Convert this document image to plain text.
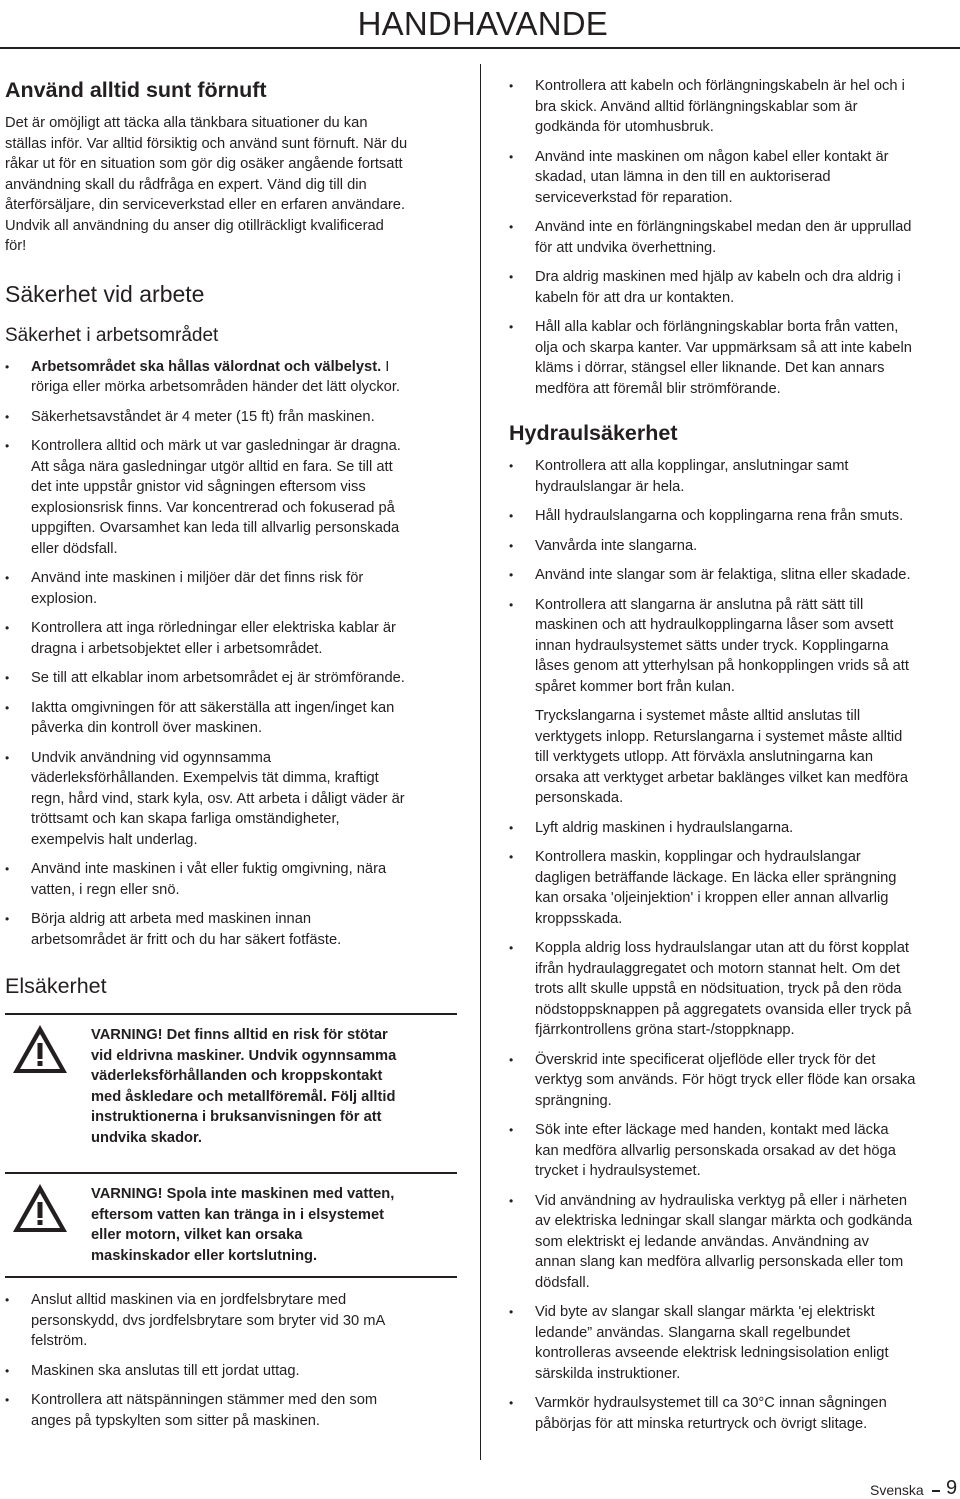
HANDHAVANDE
Använd alltid sunt förnuft
Det är omöjligt att täcka alla tänkbara situationer du kan
ställas inför. Var alltid försiktig och använd sunt förnuft. När du
råkar ut för en situation som gör dig osäker angående fortsatt
användning skall du rådfråga en expert. Vänd dig till din
återförsäljare, din serviceverkstad eller en erfaren användare.
Undvik all användning du anser dig otillräckligt kvalificerad
för!
Säkerhet vid arbete
Säkerhet i arbetsområdet
• Arbetsområdet ska hållas välordnat och välbelyst. I
röriga eller mörka arbetsområden händer det lätt olyckor.
• Säkerhetsavståndet är 4 meter (15 ft) från maskinen.
• Kontrollera alltid och märk ut var gasledningar är dragna.
Att såga nära gasledningar utgör alltid en fara. Se till att
det inte uppstår gnistor vid sågningen eftersom viss
explosionsrisk finns. Var koncentrerad och fokuserad på
uppgiften. Ovarsamhet kan leda till allvarlig personskada
eller dödsfall.
• Använd inte maskinen i miljöer där det finns risk för
explosion.
• Kontrollera att inga rörledningar eller elektriska kablar är
dragna i arbetsobjektet eller i arbetsområdet.
• Se till att elkablar inom arbetsområdet ej är strömförande.
• Iaktta omgivningen för att säkerställa att ingen/inget kan
påverka din kontroll över maskinen.
• Undvik användning vid ogynnsamma
väderleksförhållanden. Exempelvis tät dimma, kraftigt
regn, hård vind, stark kyla, osv. Att arbeta i dåligt väder är
tröttsamt och kan skapa farliga omständigheter,
exempelvis halt underlag.
• Använd inte maskinen i våt eller fuktig omgivning, nära
vatten, i regn eller snö.
• Börja aldrig att arbeta med maskinen innan
arbetsområdet är fritt och du har säkert fotfäste.
Elsäkerhet
VARNING! Det finns alltid en risk för stötar
vid eldrivna maskiner. Undvik ogynnsamma
väderleksförhållanden och kroppskontakt
med åskledare och metallföremål. Följ alltid
instruktionerna i bruksanvisningen för att
undvika skador.
VARNING! Spola inte maskinen med vatten,
eftersom vatten kan tränga in i elsystemet
eller motorn, vilket kan orsaka
maskinskador eller kortslutning.
• Anslut alltid maskinen via en jordfelsbrytare med
personskydd, dvs jordfelsbrytare som bryter vid 30 mA
felström.
• Maskinen ska anslutas till ett jordat uttag.
• Kontrollera att nätspänningen stämmer med den som
anges på typskylten som sitter på maskinen.
• Kontrollera att kabeln och förlängningskabeln är hel och i
bra skick. Använd alltid förlängningskablar som är
godkända för utomhusbruk.
• Använd inte maskinen om någon kabel eller kontakt är
skadad, utan lämna in den till en auktoriserad
serviceverkstad för reparation.
• Använd inte en förlängningskabel medan den är upprullad
för att undvika överhettning.
• Dra aldrig maskinen med hjälp av kabeln och dra aldrig i
kabeln för att dra ur kontakten.
• Håll alla kablar och förlängningskablar borta från vatten,
olja och skarpa kanter. Var uppmärksam så att inte kabeln
kläms i dörrar, stängsel eller liknande. Det kan annars
medföra att föremål blir strömförande.
Hydraulsäkerhet
• Kontrollera att alla kopplingar, anslutningar samt
hydraulslangar är hela.
• Håll hydraulslangarna och kopplingarna rena från smuts.
• Vanvårda inte slangarna.
• Använd inte slangar som är felaktiga, slitna eller skadade.
• Kontrollera att slangarna är anslutna på rätt sätt till
maskinen och att hydraulkopplingarna låser som avsett
innan hydraulsystemet sätts under tryck. Kopplingarna
låses genom att ytterhylsan på honkopplingen vrids så att
spåret kommer bort från kulan.
Tryckslangarna i systemet måste alltid anslutas till
verktygets inlopp. Returslangarna i systemet måste alltid
till verktygets utlopp. Att förväxla anslutningarna kan
orsaka att verktyget arbetar baklänges vilket kan medföra
personskada.
• Lyft aldrig maskinen i hydraulslangarna.
• Kontrollera maskin, kopplingar och hydraulslangar
dagligen beträffande läckage. En läcka eller sprängning
kan orsaka 'oljeinjektion' i kroppen eller annan allvarlig
kroppsskada.
• Koppla aldrig loss hydraulslangar utan att du först kopplat
ifrån hydraulaggregatet och motorn stannat helt. Om det
trots allt skulle uppstå en nödsituation, tryck på den röda
nödstoppsknappen på aggregatets ovansida eller tryck på
fjärrkontrollens gröna start-/stoppknapp.
• Överskrid inte specificerat oljeflöde eller tryck för det
verktyg som används. För högt tryck eller flöde kan orsaka
sprängning.
• Sök inte efter läckage med handen, kontakt med läcka
kan medföra allvarlig personskada orsakad av det höga
trycket i hydraulsystemet.
• Vid användning av hydrauliska verktyg på eller i närheten
av elektriska ledningar skall slangar märkta och godkända
som elektriskt ej ledande användas. Användning av
annan slang kan medföra allvarlig personskada eller tom
dödsfall.
• Vid byte av slangar skall slangar märkta 'ej elektriskt
ledande” användas. Slangarna skall regelbundet
kontrolleras avseende elektrisk ledningsisolation enligt
särskilda instruktioner.
• Varmkör hydraulsystemet till ca 30°C innan sågningen
påbörjas för att minska returtryck och övrigt slitage.
Svenska 9
